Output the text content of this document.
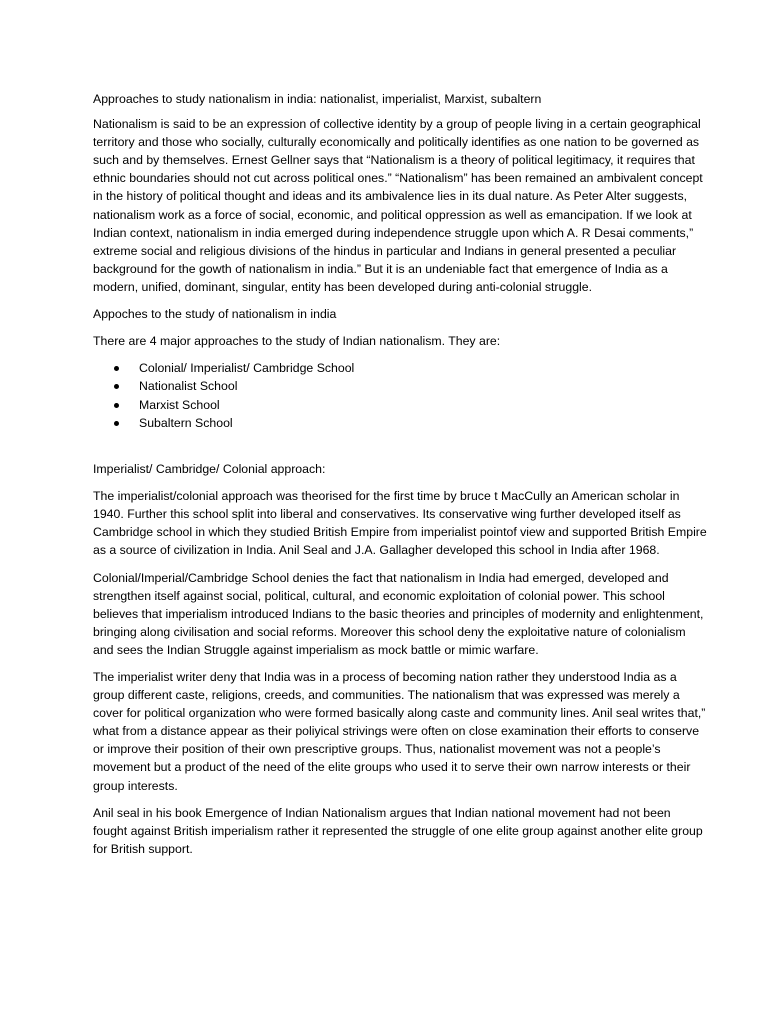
Approaches to study nationalism in india: nationalist, imperialist, Marxist, subaltern

Nationalism is said to be an expression of collective identity by a group of people living in a certain geographical territory and those who socially, culturally economically and politically identifies as one nation to be governed as such and by themselves. Ernest Gellner says that “Nationalism is a theory of political legitimacy, it requires that ethnic boundaries should not cut across political ones.” “Nationalism” has been remained an ambivalent concept in the history of political thought and ideas and its ambivalence lies in its dual nature. As Peter Alter suggests, nationalism work as a force of social, economic, and political oppression as well as emancipation. If we look at Indian context, nationalism in india emerged during independence struggle upon which A. R Desai comments,” extreme social and religious divisions of the hindus in particular and Indians in general presented a peculiar background for the gowth of nationalism in india.” But it is an undeniable fact that emergence of India as a modern, unified, dominant, singular, entity has been developed during anti-colonial struggle.

Appoches to the study of nationalism in india

There are 4 major approaches to the study of Indian nationalism. They are:

Colonial/ Imperialist/ Cambridge School
Nationalist School
Marxist School
Subaltern School

Imperialist/ Cambridge/ Colonial approach:

The imperialist/colonial approach was theorised for the first time by bruce t MacCully an American scholar in 1940. Further this school split into liberal and conservatives. Its conservative wing further developed itself as Cambridge school in which they studied British Empire from imperialist pointof view and supported British Empire as a source of civilization in India. Anil Seal and J.A. Gallagher developed this school in India after 1968.

Colonial/Imperial/Cambridge School denies the fact that nationalism in India had emerged, developed and strengthen itself against social, political, cultural, and economic exploitation of colonial power. This school believes that imperialism introduced Indians to the basic theories and principles of modernity and enlightenment, bringing along civilisation and social reforms. Moreover this school deny the exploitative nature of colonialism and sees the Indian Struggle against imperialism as mock battle or mimic warfare.

The imperialist writer deny that India was in a process of becoming nation rather they understood India as a group different caste, religions, creeds, and communities. The nationalism that was expressed was merely a cover for political organization who were formed basically along caste and community lines. Anil seal writes that,” what from a distance appear as their poliyical strivings were often on close examination their efforts to conserve or improve their position of their own prescriptive groups. Thus, nationalist movement was not a people’s movement but a product of the need of the elite groups who used it to serve their own narrow interests or their group interests.

Anil seal in his book Emergence of Indian Nationalism argues that Indian national movement had not been fought against British imperialism rather it represented the struggle of one elite group against another elite group for British support.
